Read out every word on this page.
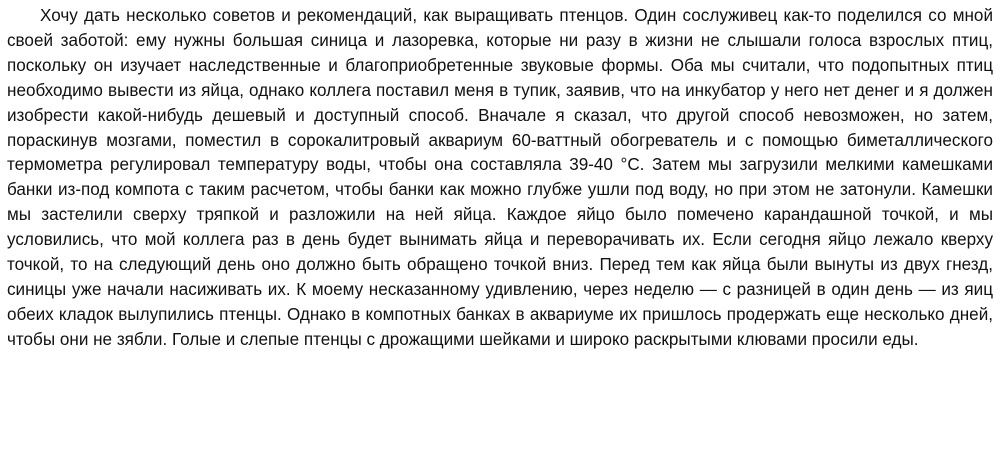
Хочу дать несколько советов и рекомендаций, как выращивать птенцов. Один сослуживец как-то поделился со мной своей заботой: ему нужны большая синица и лазоревка, которые ни разу в жизни не слышали голоса взрослых птиц, поскольку он изучает наследственные и благоприобретенные звуковые формы. Оба мы считали, что подопытных птиц необходимо вывести из яйца, однако коллега поставил меня в тупик, заявив, что на инкубатор у него нет денег и я должен изобрести какой-нибудь дешевый и доступный способ. Вначале я сказал, что другой способ невозможен, но затем, пораскинув мозгами, поместил в сорокалитровый аквариум 60-ваттный обогреватель и с помощью биметаллического термометра регулировал температуру воды, чтобы она составляла 39-40 °С. Затем мы загрузили мелкими камешками банки из-под компота с таким расчетом, чтобы банки как можно глубже ушли под воду, но при этом не затонули. Камешки мы застелили сверху тряпкой и разложили на ней яйца. Каждое яйцо было помечено карандашной точкой, и мы условились, что мой коллега раз в день будет вынимать яйца и переворачивать их. Если сегодня яйцо лежало кверху точкой, то на следующий день оно должно быть обращено точкой вниз. Перед тем как яйца были вынуты из двух гнезд, синицы уже начали насиживать их. К моему несказанному удивлению, через неделю — с разницей в один день — из яиц обеих кладок вылупились птенцы. Однако в компотных банках в аквариуме их пришлось продержать еще несколько дней, чтобы они не зябли. Голые и слепые птенцы с дрожащими шейками и широко раскрытыми клювами просили еды.
